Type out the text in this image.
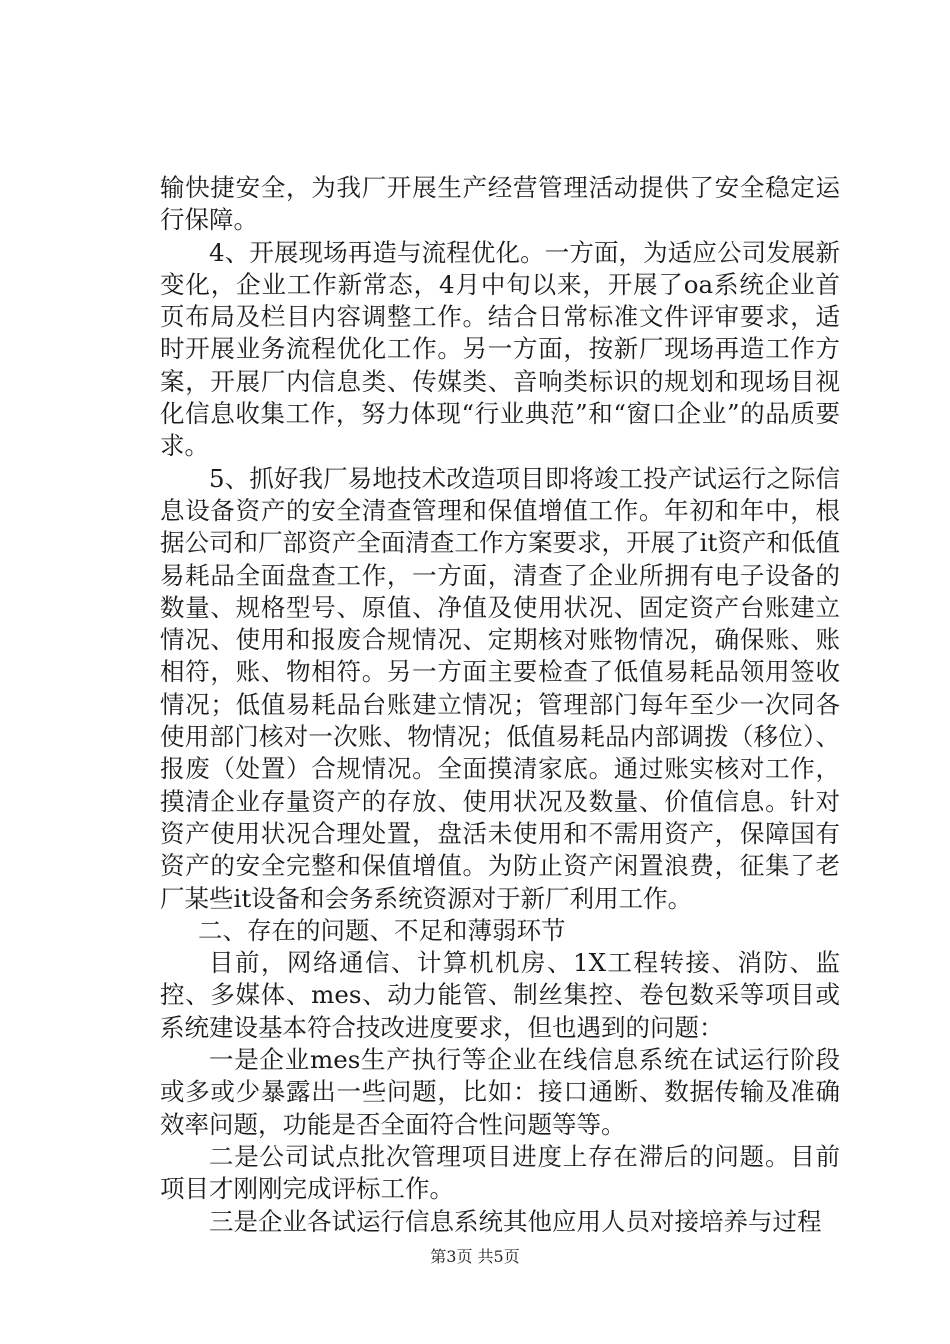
输快捷安全，为我厂开展生产经营管理活动提供了安全稳定运行保障。

4、开展现场再造与流程优化。一方面，为适应公司发展新变化，企业工作新常态，4月中旬以来，开展了oa系统企业首页布局及栏目内容调整工作。结合日常标准文件评审要求，适时开展业务流程优化工作。另一方面，按新厂现场再造工作方案，开展厂内信息类、传媒类、音响类标识的规划和现场目视化信息收集工作，努力体现“行业典范”和“窗口企业”的品质要求。

5、抓好我厂易地技术改造项目即将竣工投产试运行之际信息设备资产的安全清查管理和保值增值工作。年初和年中，根据公司和厂部资产全面清查工作方案要求，开展了it资产和低值易耗品全面盘查工作，一方面，清查了企业所拥有电子设备的数量、规格型号、原值、净值及使用状况、固定资产台账建立情况、使用和报废合规情况、定期核对账物情况，确保账、账相符，账、物相符。另一方面主要检查了低值易耗品领用签收情况；低值易耗品台账建立情况；管理部门每年至少一次同各使用部门核对一次账、物情况；低值易耗品内部调拨（移位）、报废（处置）合规情况。全面摸清家底。通过账实核对工作，摸清企业存量资产的存放、使用状况及数量、价值信息。针对资产使用状况合理处置，盘活未使用和不需用资产，保障国有资产的安全完整和保值增值。为防止资产闲置浪费，征集了老厂某些it设备和会务系统资源对于新厂利用工作。

二、存在的问题、不足和薄弱环节

目前，网络通信、计算机机房、1X工程转接、消防、监控、多媒体、mes、动力能管、制丝集控、卷包数采等项目或系统建设基本符合技改进度要求，但也遇到的问题：

一是企业mes生产执行等企业在线信息系统在试运行阶段或多或少暴露出一些问题，比如：接口通断、数据传输及准确效率问题，功能是否全面符合性问题等等。

二是公司试点批次管理项目进度上存在滞后的问题。目前项目才刚刚完成评标工作。

三是企业各试运行信息系统其他应用人员对接培养与过程

第3页 共5页
